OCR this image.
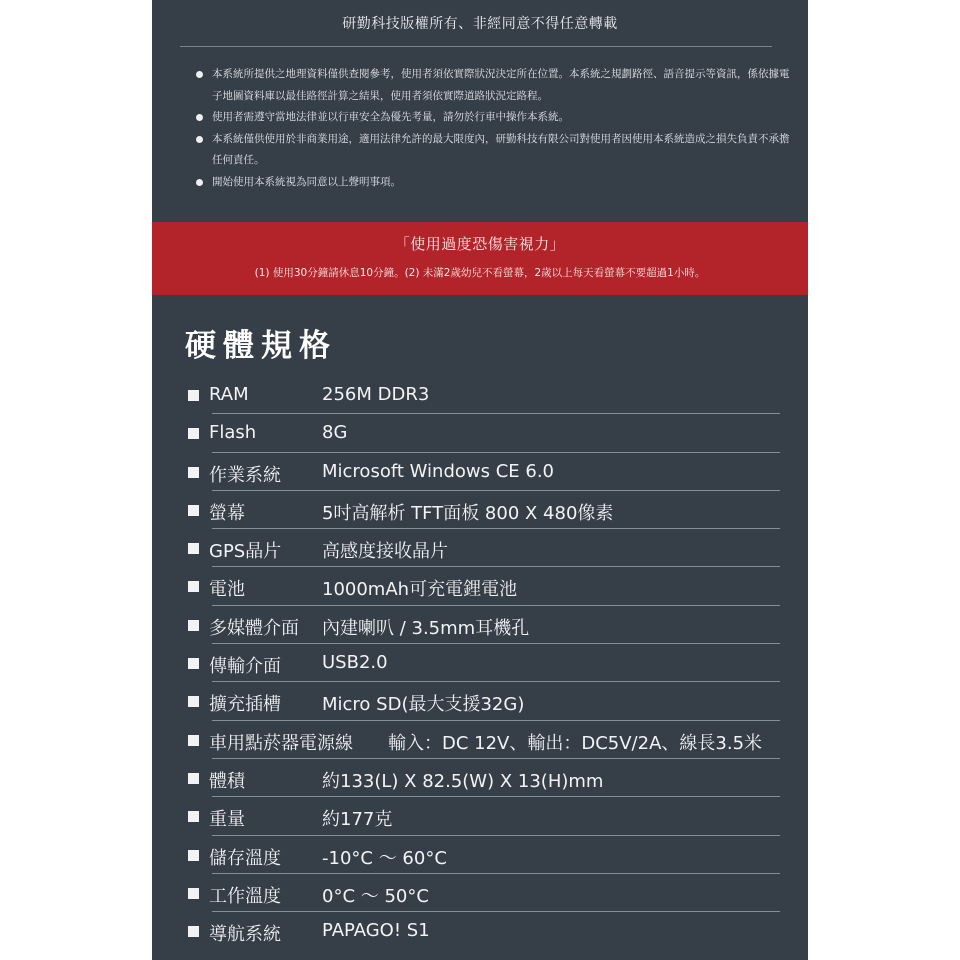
研勤科技版權所有、非經同意不得任意轉載
本系統所提供之地理資料僅供查閱參考，使用者須依實際狀況決定所在位置。本系統之規劃路徑、語音提示等資訊，係依據電子地圖資料庫以最佳路徑計算之結果，使用者須依實際道路狀況定路程。
使用者需遵守當地法律並以行車安全為優先考量，請勿於行車中操作本系統。
本系統僅供使用於非商業用途，適用法律允許的最大限度內，研勤科技有限公司對使用者因使用本系統造成之損失負責不承擔任何責任。
開始使用本系統視為同意以上聲明事項。
「使用過度恐傷害視力」
(1) 使用30分鐘請休息10分鐘。(2) 未滿2歲幼兒不看螢幕，2歲以上每天看螢幕不要超過1小時。
硬體規格
RAM	256M DDR3
Flash	8G
作業系統 Microsoft Windows CE 6.0
螢幕	5吋高解析 TFT面板 800 X 480像素
GPS晶片 高感度接收晶片
電池	1000mAh可充電鋰電池
多媒體介面 內建喇叭 / 3.5mm耳機孔
傳輸介面 USB2.0
擴充插槽 Micro SD(最大支援32G)
車用點菸器電源線 輸入：DC 12V、輸出：DC5V/2A、線長3.5米
體積	約133(L) X 82.5(W) X 13(H)mm
重量	約177克
儲存溫度 -10°C ～ 60°C
工作溫度 0°C ～ 50°C
導航系統 PAPAGO! S1
